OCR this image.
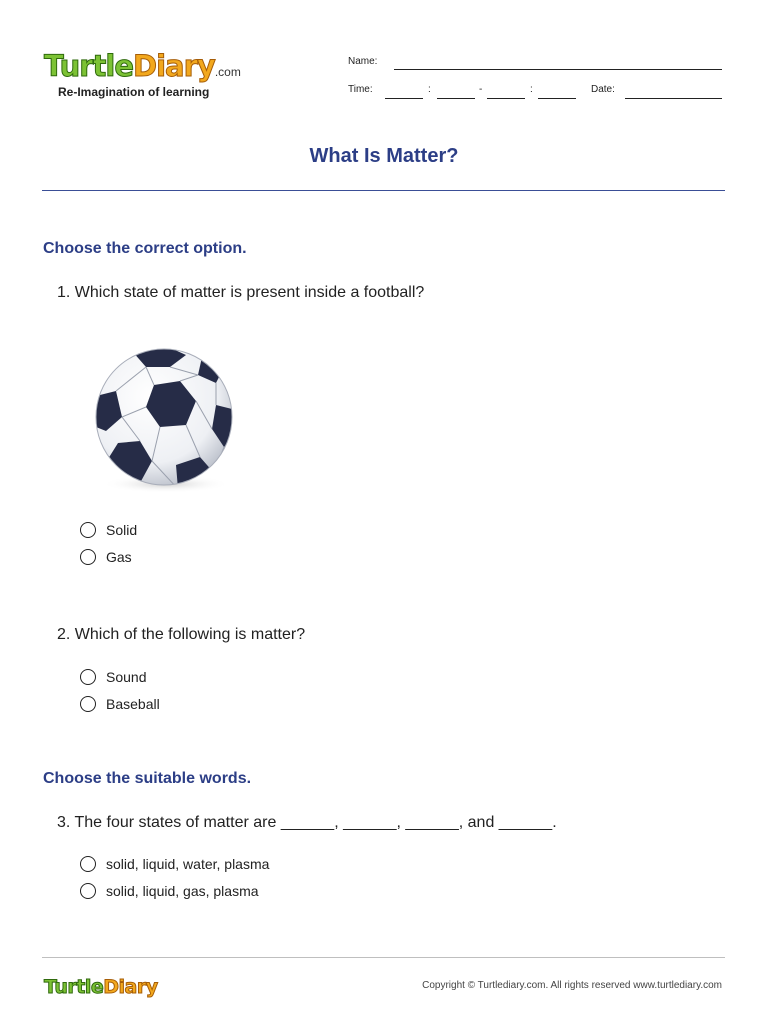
TurtleDiary.com
Re-Imagination of learning
Name:
Time:	:	-	:	Date:
What Is Matter?
Choose the correct option.
1. Which state of matter is present inside a football?
Solid
Gas
2. Which of the following is matter?
Sound
Baseball
Choose the suitable words.
3. The four states of matter are ______, ______, ______, and ______.
solid, liquid, water, plasma
solid, liquid, gas, plasma
TurtleDiary	Copyright © Turtlediary.com. All rights reserved www.turtlediary.com
